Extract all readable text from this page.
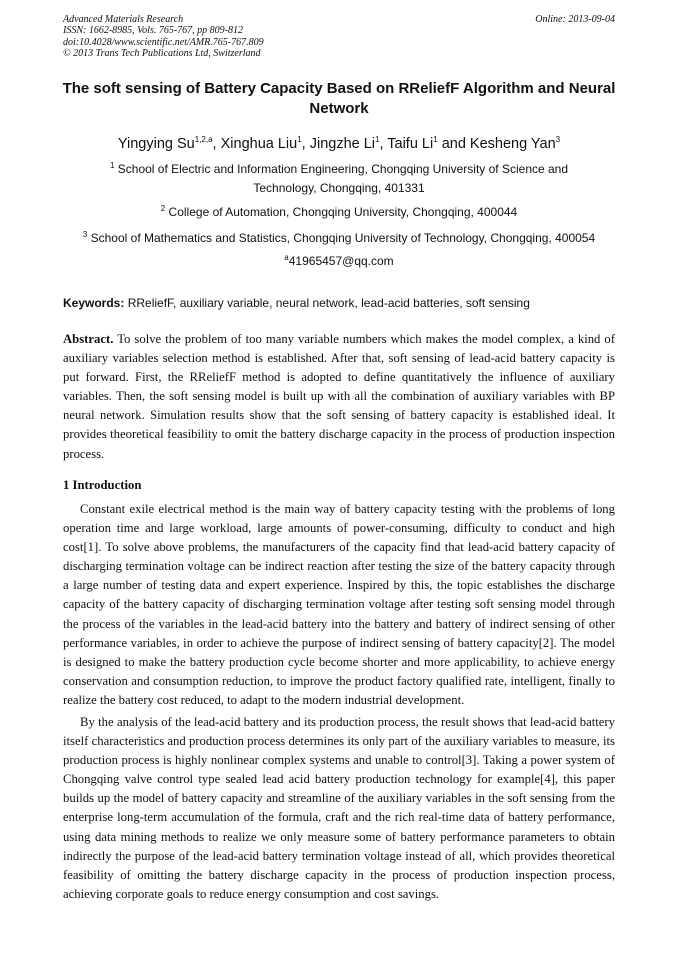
Advanced Materials Research
ISSN: 1662-8985, Vols. 765-767, pp 809-812
doi:10.4028/www.scientific.net/AMR.765-767.809
© 2013 Trans Tech Publications Ltd, Switzerland
Online: 2013-09-04
The soft sensing of Battery Capacity Based on RReliefF Algorithm and Neural Network
Yingying Su$^{1,2,a}$, Xinghua Liu$^1$, Jingzhe Li$^1$, Taifu Li$^1$ and Kesheng Yan$^3$
$^1$ School of Electric and Information Engineering, Chongqing University of Science and Technology, Chongqing, 401331
$^2$ College of Automation, Chongqing University, Chongqing, 400044
$^3$ School of Mathematics and Statistics, Chongqing University of Technology, Chongqing, 400054
$^a$41965457@qq.com
Keywords: RReliefF, auxiliary variable, neural network, lead-acid batteries, soft sensing

Abstract. To solve the problem of too many variable numbers which makes the model complex, a kind of auxiliary variables selection method is established. After that, soft sensing of lead-acid battery capacity is put forward. First, the RReliefF method is adopted to define quantitatively the influence of auxiliary variables. Then, the soft sensing model is built up with all the combination of auxiliary variables with BP neural network. Simulation results show that the soft sensing of battery capacity is established ideal. It provides theoretical feasibility to omit the battery discharge capacity in the process of production inspection process.

1 Introduction

Constant exile electrical method is the main way of battery capacity testing with the problems of long operation time and large workload, large amounts of power-consuming, difficulty to conduct and high cost[1]. To solve above problems, the manufacturers of the capacity find that lead-acid battery capacity of discharging termination voltage can be indirect reaction after testing the size of the battery capacity through a large number of testing data and expert experience. Inspired by this, the topic establishes the discharge capacity of the battery capacity of discharging termination voltage after testing soft sensing model through the process of the variables in the lead-acid battery into the battery and battery of indirect sensing of other performance variables, in order to achieve the purpose of indirect sensing of battery capacity[2]. The model is designed to make the battery production cycle become shorter and more applicability, to achieve energy conservation and consumption reduction, to improve the product factory qualified rate, intelligent, finally to realize the battery cost reduced, to adapt to the modern industrial development.

By the analysis of the lead-acid battery and its production process, the result shows that lead-acid battery itself characteristics and production process determines its only part of the auxiliary variables to measure, its production process is highly nonlinear complex systems and unable to control[3]. Taking a power system of Chongqing valve control type sealed lead acid battery production technology for example[4], this paper builds up the model of battery capacity and streamline of the auxiliary variables in the soft sensing from the enterprise long-term accumulation of the formula, craft and the rich real-time data of battery performance, using data mining methods to realize we only measure some of battery performance parameters to obtain indirectly the purpose of the lead-acid battery termination voltage instead of all, which provides theoretical feasibility of omitting the battery discharge capacity in the process of production inspection process, achieving corporate goals to reduce energy consumption and cost savings.
